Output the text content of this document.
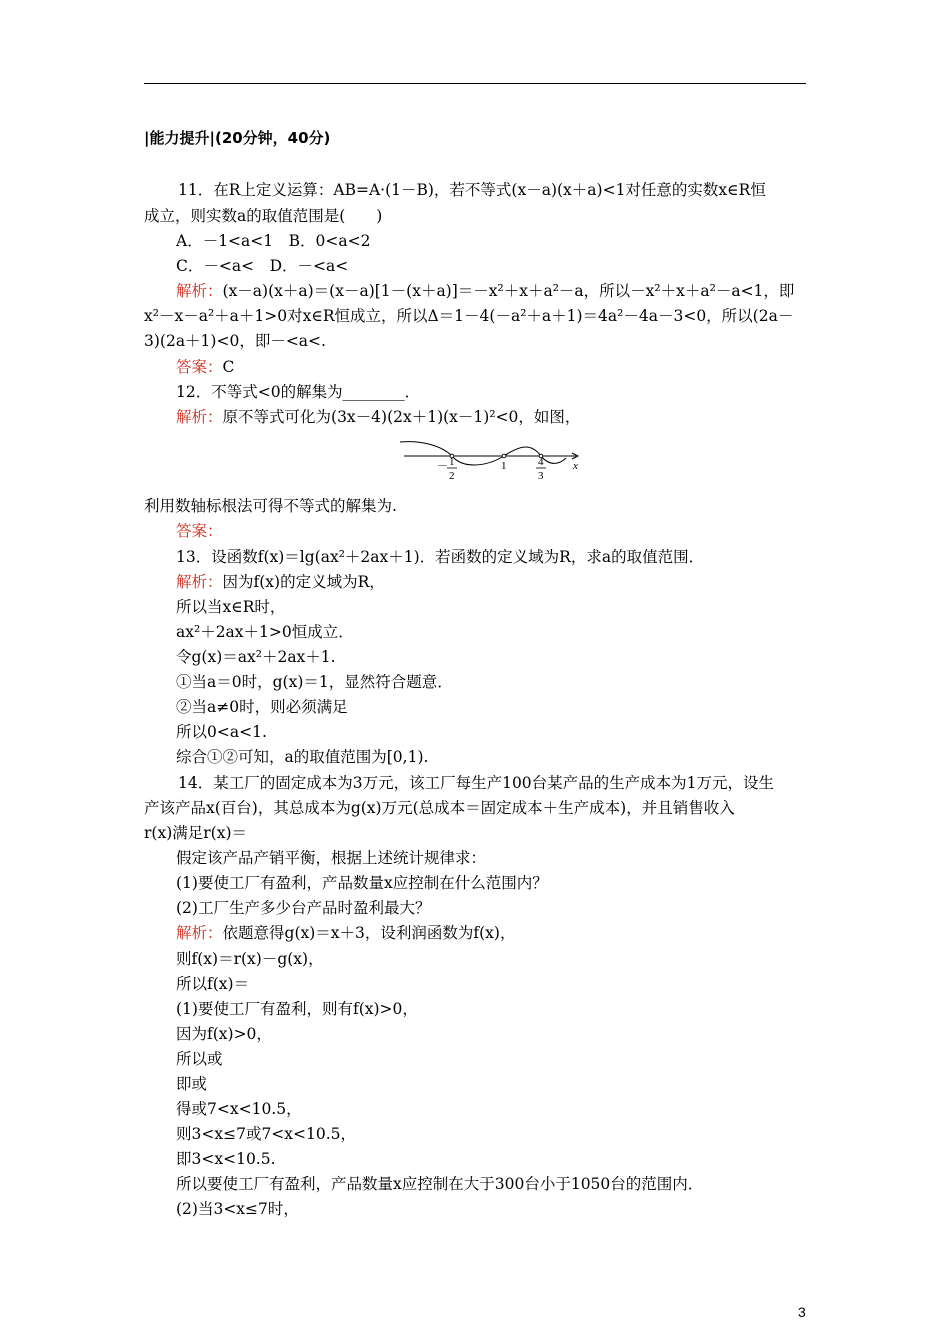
|能力提升|(20分钟，40分)
11．在R上定义运算：AB=A·(1－B)，若不等式(x－a)(x＋a)<1对任意的实数x∈R恒
成立，则实数a的取值范围是(　　)
A．－1<a<1　B．0<a<2
C．－<a<　D．－<a<
解析：(x－a)(x＋a)＝(x－a)[1－(x＋a)]＝－x²＋x＋a²－a，所以－x²＋x＋a²－a<1，即
x²－x－a²＋a＋1>0对x∈R恒成立，所以Δ＝1－4(－a²＋a＋1)＝4a²－4a－3<0，所以(2a－
3)(2a＋1)<0，即－<a<.
答案：C
12．不等式<0的解集为________．
解析：原不等式可化为(3x－4)(2x＋1)(x－1)²<0，如图，
－ 1
2
1	4
3
x
利用数轴标根法可得不等式的解集为.
答案：
13．设函数f(x)＝lg(ax²＋2ax＋1)．若函数的定义域为R，求a的取值范围．
解析：因为f(x)的定义域为R，
所以当x∈R时，
ax²＋2ax＋1>0恒成立．
令g(x)＝ax²＋2ax＋1.
①当a＝0时，g(x)＝1，显然符合题意．
②当a≠0时，则必须满足
所以0<a<1.
综合①②可知，a的取值范围为[0,1).
14．某工厂的固定成本为3万元，该工厂每生产100台某产品的生产成本为1万元，设生
产该产品x(百台)，其总成本为g(x)万元(总成本＝固定成本＋生产成本)，并且销售收入
r(x)满足r(x)＝
假定该产品产销平衡，根据上述统计规律求：
(1)要使工厂有盈利，产品数量x应控制在什么范围内？
(2)工厂生产多少台产品时盈利最大？
解析：依题意得g(x)＝x＋3，设利润函数为f(x)，
则f(x)＝r(x)－g(x)，
所以f(x)＝
(1)要使工厂有盈利，则有f(x)>0，
因为f(x)>0，
所以或
即或
得或7<x<10.5，
则3<x≤7或7<x<10.5，
即3<x<10.5.
所以要使工厂有盈利，产品数量x应控制在大于300台小于1050台的范围内．
(2)当3<x≤7时，
3
